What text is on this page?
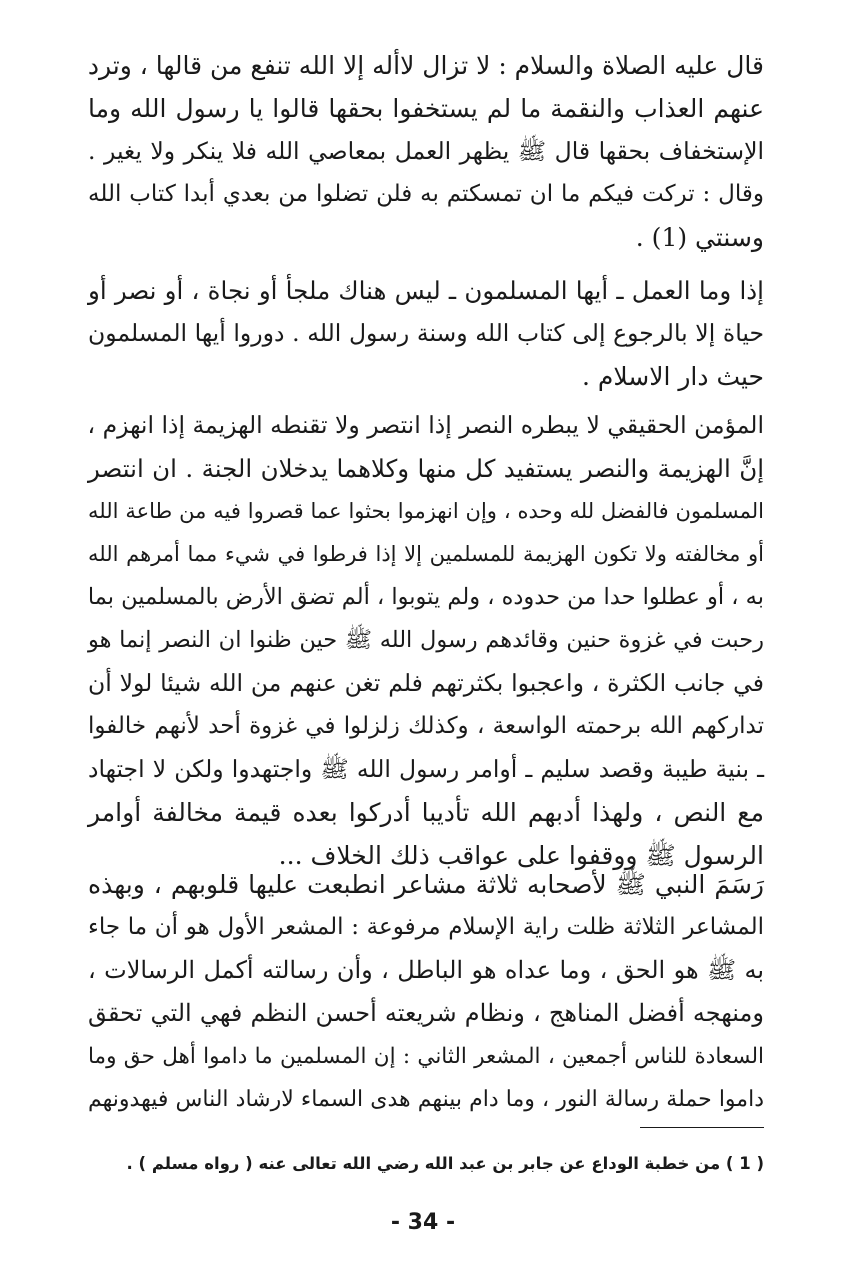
قال عليه الصلاة والسلام : لا تزال لاأله إلا الله تنفع من قالها ، وترد
عنهم العذاب والنقمة ما لم يستخفوا بحقها قالوا يا رسول الله وما
الإستخفاف بحقها قال ﷺ يظهر العمل بمعاصي الله فلا ينكر ولا يغير .
وقال : تركت فيكم ما ان تمسكتم به فلن تضلوا من بعدي أبدا كتاب الله
وسنتي (1) .
إذا وما العمل ـ أيها المسلمون ـ ليس هناك ملجأ أو نجاة ، أو نصر أو
حياة إلا بالرجوع إلى كتاب الله وسنة رسول الله . دوروا أيها المسلمون
حيث دار الاسلام .
المؤمن الحقيقي لا يبطره النصر إذا انتصر ولا تقنطه الهزيمة إذا انهزم ،
إنَّ الهزيمة والنصر يستفيد كل منها وكلاهما يدخلان الجنة . ان انتصر
المسلمون فالفضل لله وحده ، وإن انهزموا بحثوا عما قصروا فيه من طاعة الله
أو مخالفته ولا تكون الهزيمة للمسلمين إلا إذا فرطوا في شيء مما أمرهم الله
به ، أو عطلوا حدا من حدوده ، ولم يتوبوا ، ألم تضق الأرض بالمسلمين بما
رحبت في غزوة حنين وقائدهم رسول الله ﷺ حين ظنوا ان النصر إنما هو
في جانب الكثرة ، واعجبوا بكثرتهم فلم تغن عنهم من الله شيئا لولا أن
تداركهم الله برحمته الواسعة ، وكذلك زلزلوا في غزوة أحد لأنهم خالفوا
ـ بنية طيبة وقصد سليم ـ أوامر رسول الله ﷺ واجتهدوا ولكن لا اجتهاد
مع النص ، ولهذا أدبهم الله تأديبا أدركوا بعده قيمة مخالفة أوامر
الرسول ﷺ ووقفوا على عواقب ذلك الخلاف ...
رَسَمَ النبي ﷺ لأصحابه ثلاثة مشاعر انطبعت عليها قلوبهم ، وبهذه
المشاعر الثلاثة ظلت راية الإسلام مرفوعة : المشعر الأول هو أن ما جاء
به ﷺ هو الحق ، وما عداه هو الباطل ، وأن رسالته أكمل الرسالات ،
ومنهجه أفضل المناهج ، ونظام شريعته أحسن النظم فهي التي تحقق
السعادة للناس أجمعين ، المشعر الثاني : إن المسلمين ما داموا أهل حق وما
داموا حملة رسالة النور ، وما دام بينهم هدى السماء لارشاد الناس فيهدونهم
( 1 ) من خطبة الوداع عن جابر بن عبد الله رضي الله تعالى عنه ( رواه مسلم ) .
- 34 -
